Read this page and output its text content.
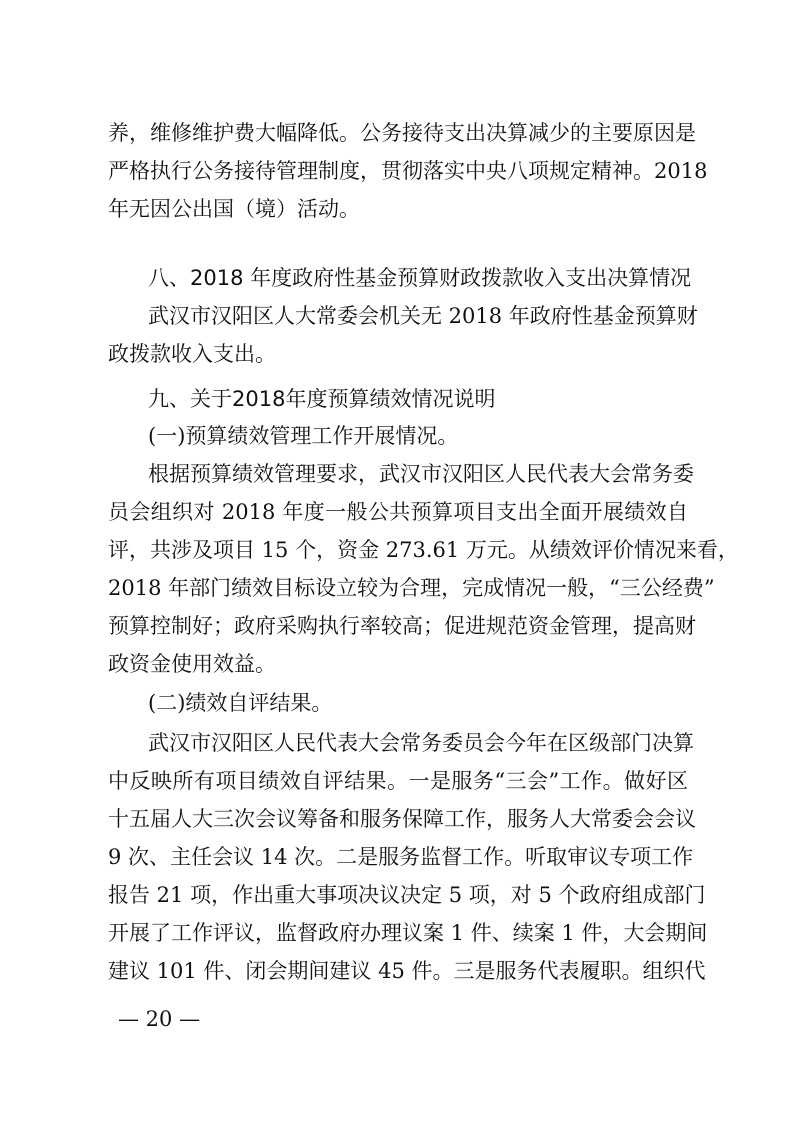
养，维修维护费大幅降低。公务接待支出决算减少的主要原因是
严格执行公务接待管理制度，贯彻落实中央八项规定精神。2018
年无因公出国（境）活动。
八、2018 年度政府性基金预算财政拨款收入支出决算情况
武汉市汉阳区人大常委会机关无 2018 年政府性基金预算财
政拨款收入支出。
九、关于2018年度预算绩效情况说明
(一)预算绩效管理工作开展情况。
根据预算绩效管理要求，武汉市汉阳区人民代表大会常务委
员会组织对 2018 年度一般公共预算项目支出全面开展绩效自
评，共涉及项目 15 个，资金 273.61 万元。从绩效评价情况来看，
2018 年部门绩效目标设立较为合理，完成情况一般，“三公经费”
预算控制好；政府采购执行率较高；促进规范资金管理，提高财
政资金使用效益。
(二)绩效自评结果。
武汉市汉阳区人民代表大会常务委员会今年在区级部门决算
中反映所有项目绩效自评结果。一是服务“三会”工作。做好区
十五届人大三次会议筹备和服务保障工作，服务人大常委会会议
9 次、主任会议 14 次。二是服务监督工作。听取审议专项工作
报告 21 项，作出重大事项决议决定 5 项，对 5 个政府组成部门
开展了工作评议，监督政府办理议案 1 件、续案 1 件，大会期间
建议 101 件、闭会期间建议 45 件。三是服务代表履职。组织代
— 20 —
